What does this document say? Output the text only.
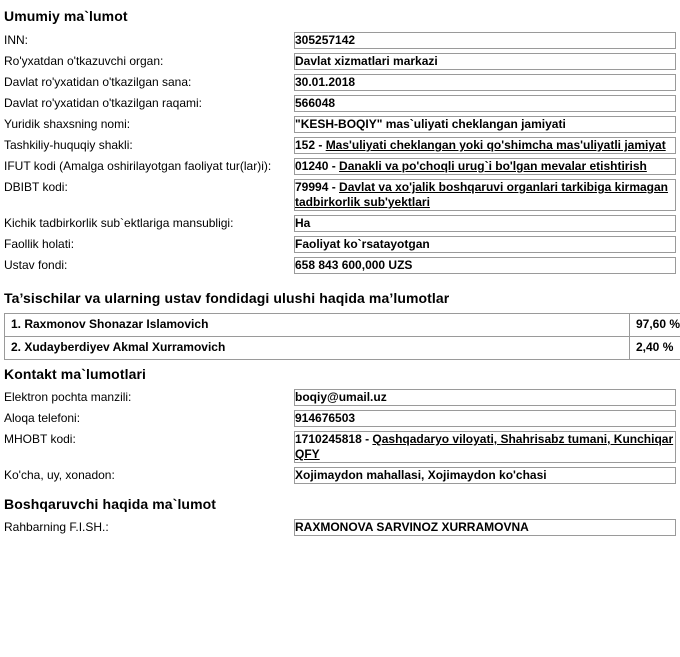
Umumiy ma`lumot
INN:	305257142

Ro'yxatdan o'tkazuvchi organ:	Davlat xizmatlari markazi

Davlat ro'yxatidan o'tkazilgan sana:	30.01.2018

Davlat ro'yxatidan o'tkazilgan raqami:	566048

Yuridik shaxsning nomi:	"KESH-BOQIY" mas`uliyati cheklangan jamiyati

Tashkiliy-huquqiy shakli:	152 - Mas'uliyati cheklangan yoki qo'shimcha mas'uliyatli jamiyat

IFUT kodi (Amalga oshirilayotgan faoliyat tur(lar)i):	01240 - Danakli va po'choqli urug`i bo'lgan mevalar etishtirish

DBIBT kodi:	79994 - Davlat va xo'jalik boshqaruvi organlari tarkibiga kirmagan tadbirkorlik sub'yektlari

Kichik tadbirkorlik sub`ektlariga mansubligi:	Ha

Faollik holati:	Faoliyat ko`rsatayotgan

Ustav fondi:	658 843 600,000 UZS
Ta’sischilar va ularning ustav fondidagi ulushi haqida ma’lumotlar
1. Raxmonov Shonazar Islamovich	97,60 %
2. Xudayberdiyev Akmal Xurramovich	2,40 %
Kontakt ma`lumotlari
Elektron pochta manzili:	boqiy@umail.uz

Aloqa telefoni:	914676503

MHOBT kodi:	1710245818 - Qashqadaryo viloyati, Shahrisabz tumani, Kunchiqar QFY

Ko'cha, uy, xonadon:	Xojimaydon mahallasi, Xojimaydon ko'chasi
Boshqaruvchi haqida ma`lumot
Rahbarning F.I.SH.:	RAXMONOVA SARVINOZ XURRAMOVNA
